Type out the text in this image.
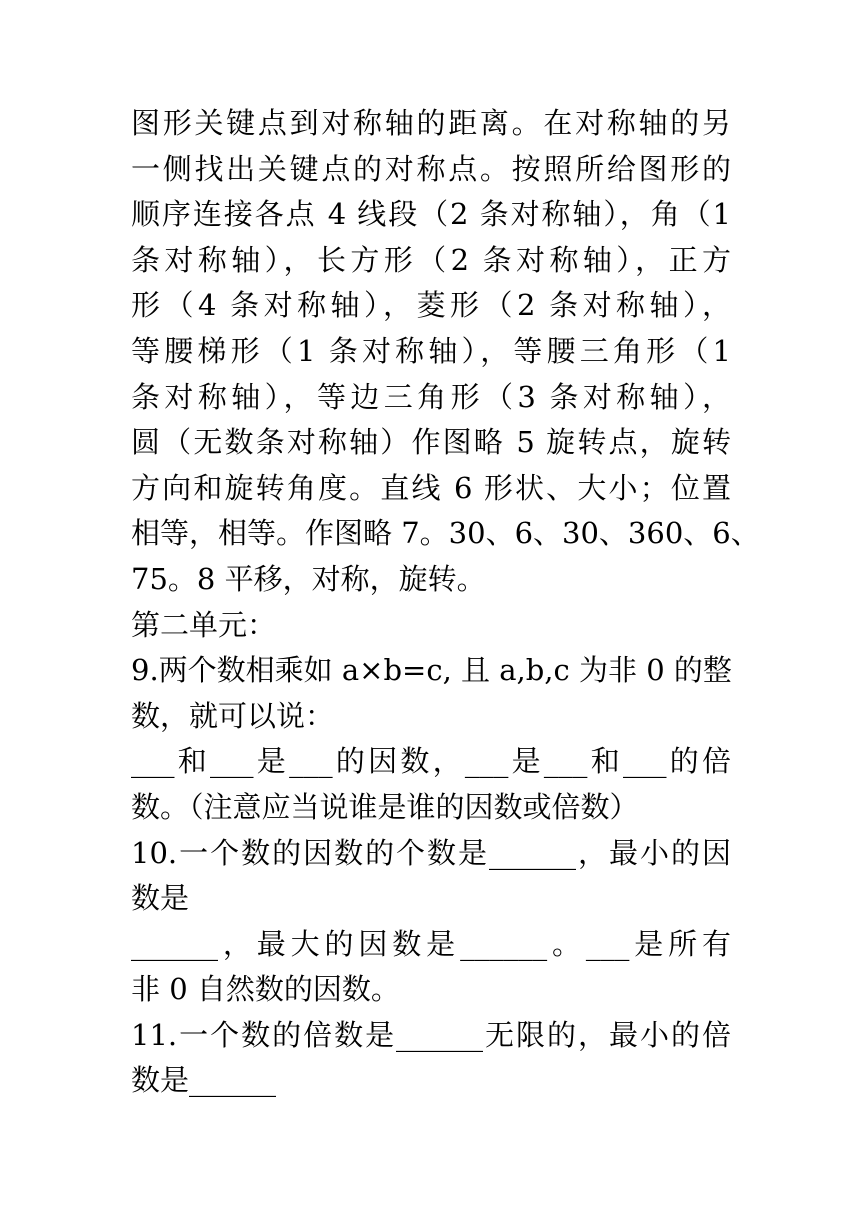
图形关键点到对称轴的距离。在对称轴的另
一侧找出关键点的对称点。按照所给图形的
顺序连接各点 4 线段（2 条对称轴），角（1
条对称轴），长方形（2 条对称轴），正方
形（4 条对称轴），菱形（2 条对称轴），
等腰梯形（1 条对称轴），等腰三角形（1
条对称轴），等边三角形（3 条对称轴），
圆（无数条对称轴）作图略 5 旋转点，旋转
方向和旋转角度。直线 6 形状、大小；位置
相等，相等。作图略 7。30、6、30、360、6、
75。8 平移，对称，旋转。
第二单元：
9.两个数相乘如 a×b=c, 且 a,b,c 为非 0 的整
数，就可以说：
___和___是___的因数，___是___和___的倍
数。（注意应当说谁是谁的因数或倍数）
10.一个数的因数的个数是______，最小的因
数是
______，最大的因数是______。___是所有
非 0 自然数的因数。
11.一个数的倍数是______无限的，最小的倍
数是______
